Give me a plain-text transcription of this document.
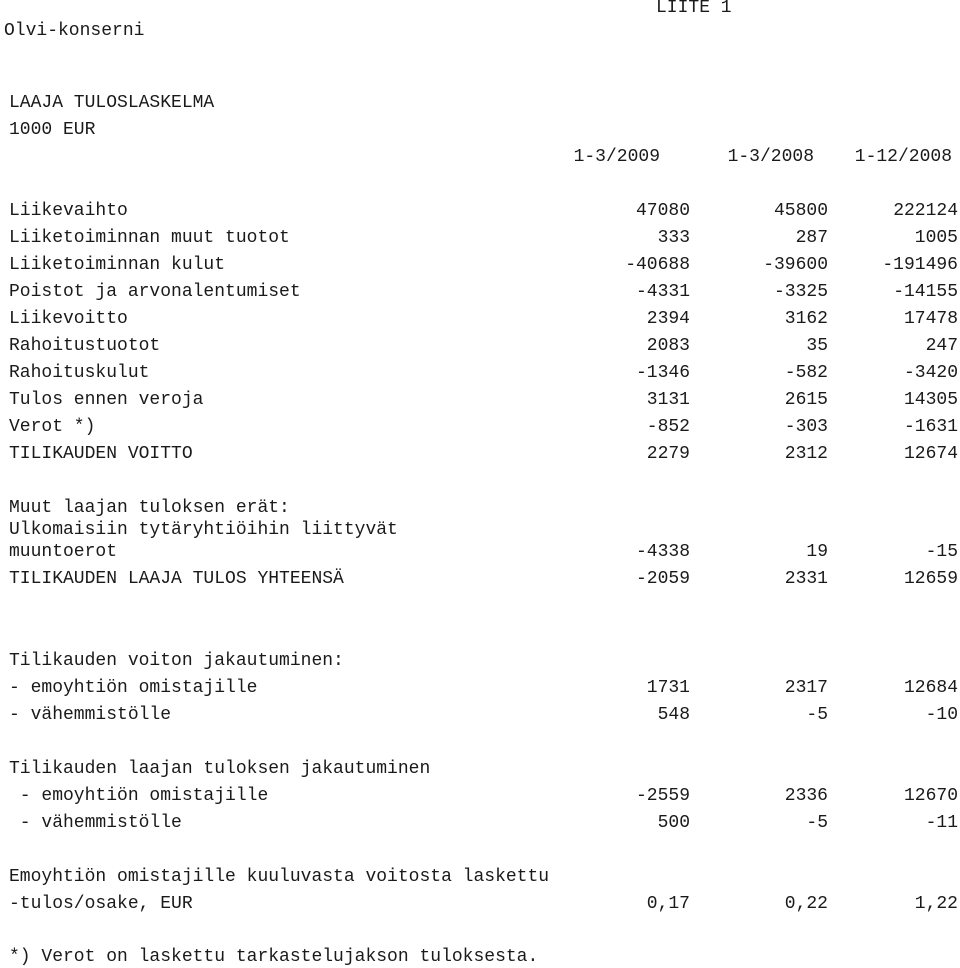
Olvi-konserni
LIITE 1
LAAJA TULOSLASKELMA
1000 EUR
1-3/2009	1-3/2008 1-12/2008
Liikevaihto	47080	45800	222124
Liiketoiminnan muut tuotot	333	287	1005
Liiketoiminnan kulut	-40688	-39600	-191496
Poistot ja arvonalentumiset	-4331	-3325	-14155
Liikevoitto	2394	3162	17478
Rahoitustuotot	2083	35	247
Rahoituskulut	-1346	-582	-3420
Tulos ennen veroja	3131	2615	14305
Verot *)	-852	-303	-1631
TILIKAUDEN VOITTO	2279	2312	12674
Muut laajan tuloksen erät:
Ulkomaisiin tytäryhtiöihin liittyvät
muuntoerot	-4338	19	-15
TILIKAUDEN LAAJA TULOS YHTEENSÄ	-2059	2331	12659
Tilikauden voiton jakautuminen:
- emoyhtiön omistajille	1731	2317	12684
- vähemmistölle	548	-5	-10
Tilikauden laajan tuloksen jakautuminen
- emoyhtiön omistajille	-2559	2336	12670
- vähemmistölle	500	-5	-11
Emoyhtiön omistajille kuuluvasta voitosta laskettu
-tulos/osake, EUR	0,17	0,22	1,22
*) Verot on laskettu tarkastelujakson tuloksesta.
